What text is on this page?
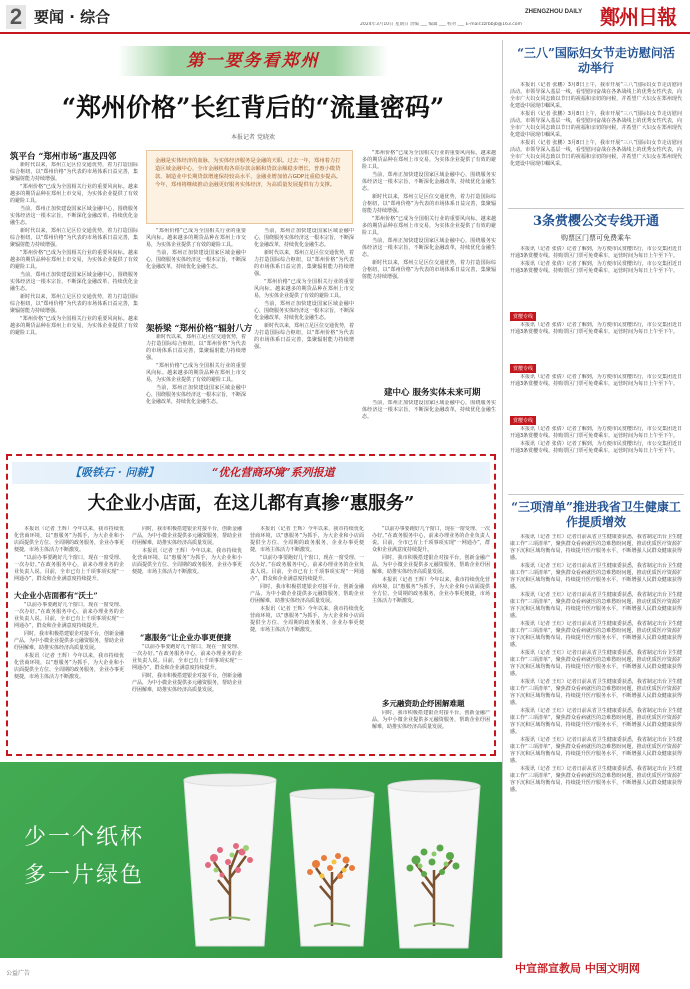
2 要闻 · 综合	2024年3月10日 星期日 责编 ___ 编辑 ___ 校对 ___ E-mail:zzrbbjb@163.com
ZHENGZHOU DAILY 鄭州日報
第一要务看郑州
“郑州价格”长红背后的“流量密码”
本报记者 党晓欢
筑平台 “郑州市场”惠及四邻

新时代以来，郑州立足区位交通优势，着力打造国际综合枢纽，以“郑州价格”为代表的市场体系日益完善，集聚辐射能力持续增强。

“郑州价格”已成为全国相关行业的重要风向标。越来越多的期货品种在郑州上市交易，为实体企业提供了有效的避险工具。

当前，郑州正加快建设国家区域金融中心，围绕服务实体经济这一根本宗旨，不断深化金融改革，持续优化金融生态。

新时代以来，郑州立足区位交通优势，着力打造国际综合枢纽，以“郑州价格”为代表的市场体系日益完善，集聚辐射能力持续增强。

“郑州价格”已成为全国相关行业的重要风向标。越来越多的期货品种在郑州上市交易，为实体企业提供了有效的避险工具。

当前，郑州正加快建设国家区域金融中心，围绕服务实体经济这一根本宗旨，不断深化金融改革，持续优化金融生态。

新时代以来，郑州立足区位交通优势，着力打造国际综合枢纽，以“郑州价格”为代表的市场体系日益完善，集聚辐射能力持续增强。

“郑州价格”已成为全国相关行业的重要风向标。越来越多的期货品种在郑州上市交易，为实体企业提供了有效的避险工具。

金融是实体经济的血脉，为实体经济服务是金融的天职。过去一年，郑州着力打造区域金融中心，全市金融机构各项存款余额和贷款余额稳步增长，普惠小微贷款、制造业中长期贷款增速保持较高水平，金融业增加值占GDP比重稳步提高。今年，郑州将继续推动金融更好服务实体经济，为高质量发展提供有力支撑。

“郑州价格”已成为全国相关行业的重要风向标。越来越多的期货品种在郑州上市交易，为实体企业提供了有效的避险工具。

当前，郑州正加快建设国家区域金融中心，围绕服务实体经济这一根本宗旨，不断深化金融改革，持续优化金融生态。

架桥梁 “郑州价格”辐射八方

新时代以来，郑州立足区位交通优势，着力打造国际综合枢纽，以“郑州价格”为代表的市场体系日益完善，集聚辐射能力持续增强。

“郑州价格”已成为全国相关行业的重要风向标。越来越多的期货品种在郑州上市交易，为实体企业提供了有效的避险工具。

当前，郑州正加快建设国家区域金融中心，围绕服务实体经济这一根本宗旨，不断深化金融改革，持续优化金融生态。

当前，郑州正加快建设国家区域金融中心，围绕服务实体经济这一根本宗旨，不断深化金融改革，持续优化金融生态。

新时代以来，郑州立足区位交通优势，着力打造国际综合枢纽，以“郑州价格”为代表的市场体系日益完善，集聚辐射能力持续增强。

“郑州价格”已成为全国相关行业的重要风向标。越来越多的期货品种在郑州上市交易，为实体企业提供了有效的避险工具。

当前，郑州正加快建设国家区域金融中心，围绕服务实体经济这一根本宗旨，不断深化金融改革，持续优化金融生态。

新时代以来，郑州立足区位交通优势，着力打造国际综合枢纽，以“郑州价格”为代表的市场体系日益完善，集聚辐射能力持续增强。

“郑州价格”已成为全国相关行业的重要风向标。越来越多的期货品种在郑州上市交易，为实体企业提供了有效的避险工具。

当前，郑州正加快建设国家区域金融中心，围绕服务实体经济这一根本宗旨，不断深化金融改革，持续优化金融生态。

新时代以来，郑州立足区位交通优势，着力打造国际综合枢纽，以“郑州价格”为代表的市场体系日益完善，集聚辐射能力持续增强。

“郑州价格”已成为全国相关行业的重要风向标。越来越多的期货品种在郑州上市交易，为实体企业提供了有效的避险工具。

当前，郑州正加快建设国家区域金融中心，围绕服务实体经济这一根本宗旨，不断深化金融改革，持续优化金融生态。

新时代以来，郑州立足区位交通优势，着力打造国际综合枢纽，以“郑州价格”为代表的市场体系日益完善，集聚辐射能力持续增强。

建中心 服务实体未来可期

当前，郑州正加快建设国家区域金融中心，围绕服务实体经济这一根本宗旨，不断深化金融改革，持续优化金融生态。

“三八”国际妇女节走访慰问活动举行

本报讯（记者 张鹏）3月8日上午，我市开展“三八”国际妇女节走访慰问活动。市领导深入基层一线，看望慰问奋战在各条战线上的优秀女性代表，向全市广大妇女同志致以节日的祝福和亲切的问候，并希望广大妇女在郑州现代化建设中展现巾帼风采。

本报讯（记者 张鹏）3月8日上午，我市开展“三八”国际妇女节走访慰问活动。市领导深入基层一线，看望慰问奋战在各条战线上的优秀女性代表，向全市广大妇女同志致以节日的祝福和亲切的问候，并希望广大妇女在郑州现代化建设中展现巾帼风采。

本报讯（记者 张鹏）3月8日上午，我市开展“三八”国际妇女节走访慰问活动。市领导深入基层一线，看望慰问奋战在各条战线上的优秀女性代表，向全市广大妇女同志致以节日的祝福和亲切的问候，并希望广大妇女在郑州现代化建设中展现巾帼风采。

3条赏樱公交专线开通
购票区门票可免费乘车

本报讯（记者 张倩）记者了解到，为方便市民赏樱出行，市公交集团近日开通3条赏樱专线。持购票区门票可免费乘车，运营时间为每日上午至下午。

本报讯（记者 张倩）记者了解到，为方便市民赏樱出行，市公交集团近日开通3条赏樱专线。持购票区门票可免费乘车，运营时间为每日上午至下午。

赏樱专线

本报讯（记者 张倩）记者了解到，为方便市民赏樱出行，市公交集团近日开通3条赏樱专线。持购票区门票可免费乘车，运营时间为每日上午至下午。

赏樱专线

本报讯（记者 张倩）记者了解到，为方便市民赏樱出行，市公交集团近日开通3条赏樱专线。持购票区门票可免费乘车，运营时间为每日上午至下午。

赏樱专线

本报讯（记者 张倩）记者了解到，为方便市民赏樱出行，市公交集团近日开通3条赏樱专线。持购票区门票可免费乘车，运营时间为每日上午至下午。

本报讯（记者 张倩）记者了解到，为方便市民赏樱出行，市公交集团近日开通3条赏樱专线。持购票区门票可免费乘车，运营时间为每日上午至下午。

“三项清单”推进我省卫生健康工作提质增效

本报讯（记者 王红）记者日前从省卫生健康委获悉，我省制定出台卫生健康工作“三项清单”，聚焦群众看病就医的急难愁盼问题，推动优质医疗资源扩容下沉和区域均衡布局，持续提升医疗服务水平，不断增强人民群众健康获得感。

本报讯（记者 王红）记者日前从省卫生健康委获悉，我省制定出台卫生健康工作“三项清单”，聚焦群众看病就医的急难愁盼问题，推动优质医疗资源扩容下沉和区域均衡布局，持续提升医疗服务水平，不断增强人民群众健康获得感。

本报讯（记者 王红）记者日前从省卫生健康委获悉，我省制定出台卫生健康工作“三项清单”，聚焦群众看病就医的急难愁盼问题，推动优质医疗资源扩容下沉和区域均衡布局，持续提升医疗服务水平，不断增强人民群众健康获得感。

本报讯（记者 王红）记者日前从省卫生健康委获悉，我省制定出台卫生健康工作“三项清单”，聚焦群众看病就医的急难愁盼问题，推动优质医疗资源扩容下沉和区域均衡布局，持续提升医疗服务水平，不断增强人民群众健康获得感。

本报讯（记者 王红）记者日前从省卫生健康委获悉，我省制定出台卫生健康工作“三项清单”，聚焦群众看病就医的急难愁盼问题，推动优质医疗资源扩容下沉和区域均衡布局，持续提升医疗服务水平，不断增强人民群众健康获得感。

本报讯（记者 王红）记者日前从省卫生健康委获悉，我省制定出台卫生健康工作“三项清单”，聚焦群众看病就医的急难愁盼问题，推动优质医疗资源扩容下沉和区域均衡布局，持续提升医疗服务水平，不断增强人民群众健康获得感。

本报讯（记者 王红）记者日前从省卫生健康委获悉，我省制定出台卫生健康工作“三项清单”，聚焦群众看病就医的急难愁盼问题，推动优质医疗资源扩容下沉和区域均衡布局，持续提升医疗服务水平，不断增强人民群众健康获得感。

本报讯（记者 王红）记者日前从省卫生健康委获悉，我省制定出台卫生健康工作“三项清单”，聚焦群众看病就医的急难愁盼问题，推动优质医疗资源扩容下沉和区域均衡布局，持续提升医疗服务水平，不断增强人民群众健康获得感。

本报讯（记者 王红）记者日前从省卫生健康委获悉，我省制定出台卫生健康工作“三项清单”，聚焦群众看病就医的急难愁盼问题，推动优质医疗资源扩容下沉和区域均衡布局，持续提升医疗服务水平，不断增强人民群众健康获得感。

【吸铁石 · 问耕】	“优化营商环境”系列报道
大企业小店面，在这儿都有真掺“惠服务”

本报讯（记者 王辉）今年以来，我市持续优化营商环境，以“惠服务”为抓手，为大企业和小店面提供全方位、全周期的政务服务，企业办事更便捷，市场主体活力不断激发。

“以前办事要跑好几个窗口，现在一窗受理、一次办好。”在政务服务中心，前来办理业务的企业负责人说。目前，全市已有上千项事项实现“一网通办”，群众和企业满意度持续提升。

大企业小店面都有“沃土”

“以前办事要跑好几个窗口，现在一窗受理、一次办好。”在政务服务中心，前来办理业务的企业负责人说。目前，全市已有上千项事项实现“一网通办”，群众和企业满意度持续提升。

同时，我市积极搭建银企对接平台，创新金融产品，为中小微企业提供多元融资服务，帮助企业纾困解难，助推实体经济高质量发展。

本报讯（记者 王辉）今年以来，我市持续优化营商环境，以“惠服务”为抓手，为大企业和小店面提供全方位、全周期的政务服务，企业办事更便捷，市场主体活力不断激发。

同时，我市积极搭建银企对接平台，创新金融产品，为中小微企业提供多元融资服务，帮助企业纾困解难，助推实体经济高质量发展。

本报讯（记者 王辉）今年以来，我市持续优化营商环境，以“惠服务”为抓手，为大企业和小店面提供全方位、全周期的政务服务，企业办事更便捷，市场主体活力不断激发。

“惠服务”让企业办事更便捷

“以前办事要跑好几个窗口，现在一窗受理、一次办好。”在政务服务中心，前来办理业务的企业负责人说。目前，全市已有上千项事项实现“一网通办”，群众和企业满意度持续提升。

同时，我市积极搭建银企对接平台，创新金融产品，为中小微企业提供多元融资服务，帮助企业纾困解难，助推实体经济高质量发展。

本报讯（记者 王辉）今年以来，我市持续优化营商环境，以“惠服务”为抓手，为大企业和小店面提供全方位、全周期的政务服务，企业办事更便捷，市场主体活力不断激发。

“以前办事要跑好几个窗口，现在一窗受理、一次办好。”在政务服务中心，前来办理业务的企业负责人说。目前，全市已有上千项事项实现“一网通办”，群众和企业满意度持续提升。

同时，我市积极搭建银企对接平台，创新金融产品，为中小微企业提供多元融资服务，帮助企业纾困解难，助推实体经济高质量发展。

本报讯（记者 王辉）今年以来，我市持续优化营商环境，以“惠服务”为抓手，为大企业和小店面提供全方位、全周期的政务服务，企业办事更便捷，市场主体活力不断激发。

“以前办事要跑好几个窗口，现在一窗受理、一次办好。”在政务服务中心，前来办理业务的企业负责人说。目前，全市已有上千项事项实现“一网通办”，群众和企业满意度持续提升。

同时，我市积极搭建银企对接平台，创新金融产品，为中小微企业提供多元融资服务，帮助企业纾困解难，助推实体经济高质量发展。

本报讯（记者 王辉）今年以来，我市持续优化营商环境，以“惠服务”为抓手，为大企业和小店面提供全方位、全周期的政务服务，企业办事更便捷，市场主体活力不断激发。

多元融资助企纾困解难题

同时，我市积极搭建银企对接平台，创新金融产品，为中小微企业提供多元融资服务，帮助企业纾困解难，助推实体经济高质量发展。

少一个纸杯
多一片绿色
公益广告	中宣部宣教局 中国文明网
